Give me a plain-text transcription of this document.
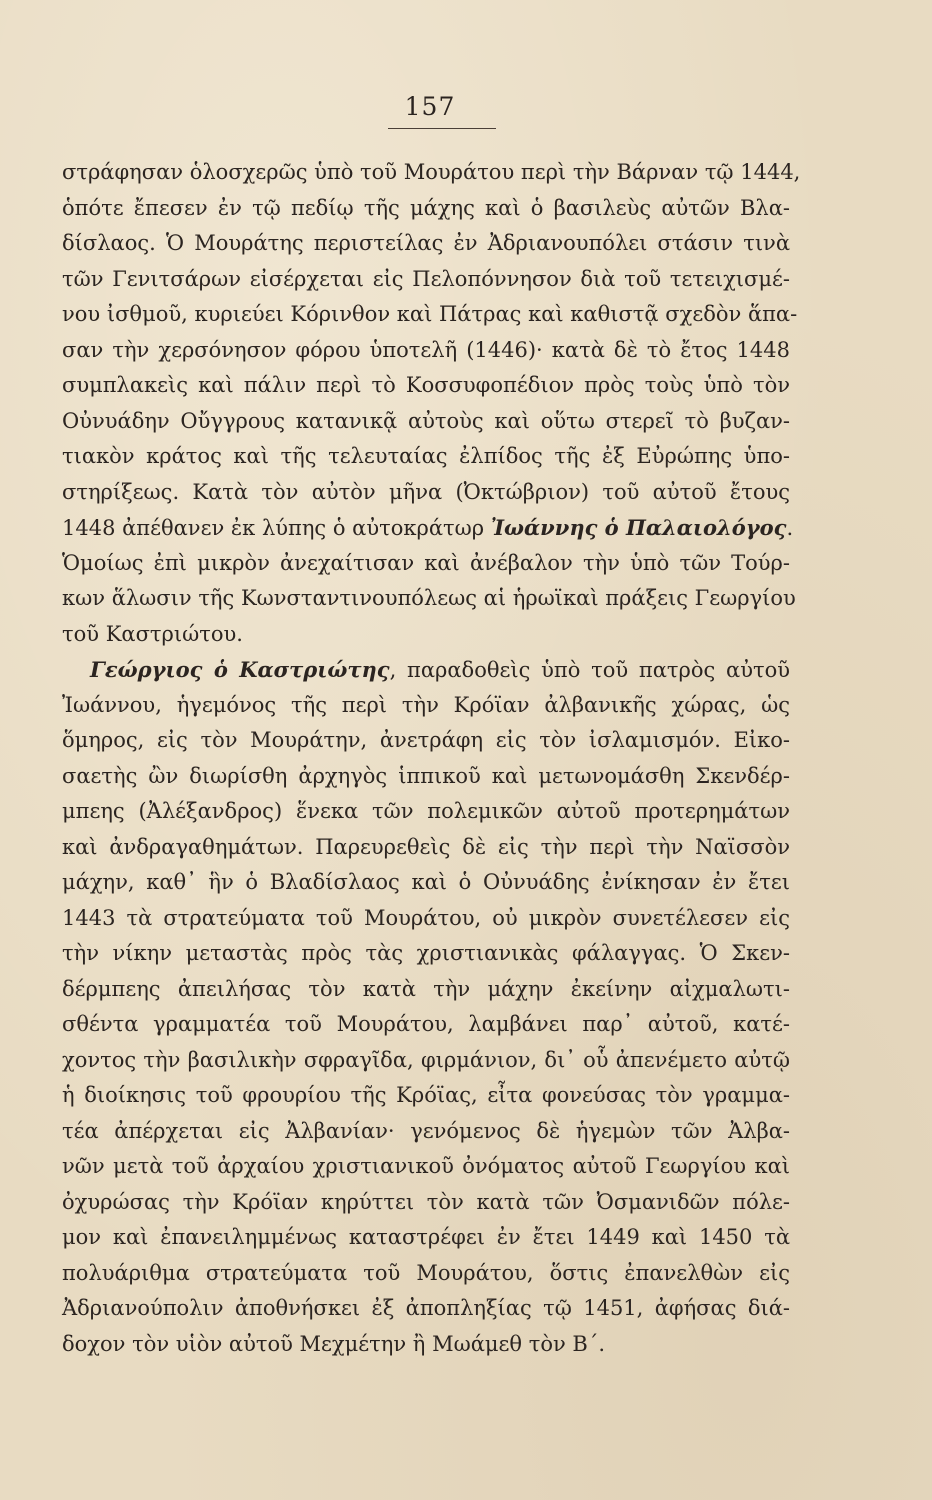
157
στράφησαν ὁλοσχερῶς ὑπὸ τοῦ Μουράτου περὶ τὴν Βάρναν τῷ 1444,
ὁπότε ἔπεσεν ἐν τῷ πεδίῳ τῆς μάχης καὶ ὁ βασιλεὺς αὐτῶν Βλα-
δίσλαος. Ὁ Μουράτης περιστείλας ἐν Ἀδριανουπόλει στάσιν τινὰ
τῶν Γενιτσάρων εἰσέρχεται εἰς Πελοπόννησον διὰ τοῦ τετειχισμέ-
νου ἰσθμοῦ, κυριεύει Κόρινθον καὶ Πάτρας καὶ καθιστᾷ σχεδὸν ἅπα-
σαν τὴν χερσόνησον φόρου ὑποτελῆ (1446)· κατὰ δὲ τὸ ἔτος 1448
συμπλακεὶς καὶ πάλιν περὶ τὸ Κοσσυφοπέδιον πρὸς τοὺς ὑπὸ τὸν
Οὐνυάδην Οὔγγρους κατανικᾷ αὐτοὺς καὶ οὕτω στερεῖ τὸ βυζαν-
τιακὸν κράτος καὶ τῆς τελευταίας ἐλπίδος τῆς ἐξ Εὐρώπης ὑπο-
στηρίξεως. Κατὰ τὸν αὐτὸν μῆνα (Ὀκτώβριον) τοῦ αὐτοῦ ἔτους
1448 ἀπέθανεν ἐκ λύπης ὁ αὐτοκράτωρ Ἰωάννης ὁ Παλαιολόγος.
Ὁμοίως ἐπὶ μικρὸν ἀνεχαίτισαν καὶ ἀνέβαλον τὴν ὑπὸ τῶν Τούρ-
κων ἅλωσιν τῆς Κωνσταντινουπόλεως αἱ ἡρωϊκαὶ πράξεις Γεωργίου
τοῦ Καστριώτου.
Γεώργιος ὁ Καστριώτης, παραδοθεὶς ὑπὸ τοῦ πατρὸς αὐτοῦ
Ἰωάννου, ἡγεμόνος τῆς περὶ τὴν Κρόϊαν ἀλβανικῆς χώρας, ὡς
ὅμηρος, εἰς τὸν Μουράτην, ἀνετράφη εἰς τὸν ἰσλαμισμόν. Εἰκο-
σαετὴς ὢν διωρίσθη ἀρχηγὸς ἱππικοῦ καὶ μετωνομάσθη Σκενδέρ-
μπεης (Ἀλέξανδρος) ἕνεκα τῶν πολεμικῶν αὐτοῦ προτερημάτων
καὶ ἀνδραγαθημάτων. Παρευρεθεὶς δὲ εἰς τὴν περὶ τὴν Ναϊσσὸν
μάχην, καθ᾽ ἣν ὁ Βλαδίσλαος καὶ ὁ Οὐνυάδης ἐνίκησαν ἐν ἔτει
1443 τὰ στρατεύματα τοῦ Μουράτου, οὐ μικρὸν συνετέλεσεν εἰς
τὴν νίκην μεταστὰς πρὸς τὰς χριστιανικὰς φάλαγγας. Ὁ Σκεν-
δέρμπεης ἀπειλήσας τὸν κατὰ τὴν μάχην ἐκείνην αἰχμαλωτι-
σθέντα γραμματέα τοῦ Μουράτου, λαμβάνει παρ᾽ αὐτοῦ, κατέ-
χοντος τὴν βασιλικὴν σφραγῖδα, φιρμάνιον, δι᾽ οὗ ἀπενέμετο αὐτῷ
ἡ διοίκησις τοῦ φρουρίου τῆς Κρόϊας, εἶτα φονεύσας τὸν γραμμα-
τέα ἀπέρχεται εἰς Ἀλβανίαν· γενόμενος δὲ ἡγεμὼν τῶν Ἀλβα-
νῶν μετὰ τοῦ ἀρχαίου χριστιανικοῦ ὀνόματος αὐτοῦ Γεωργίου καὶ
ὀχυρώσας τὴν Κρόϊαν κηρύττει τὸν κατὰ τῶν Ὀσμανιδῶν πόλε-
μον καὶ ἐπανειλημμένως καταστρέφει ἐν ἔτει 1449 καὶ 1450 τὰ
πολυάριθμα στρατεύματα τοῦ Μουράτου, ὅστις ἐπανελθὼν εἰς
Ἀδριανούπολιν ἀποθνήσκει ἐξ ἀποπληξίας τῷ 1451, ἀφήσας διά-
δοχον τὸν υἱὸν αὐτοῦ Μεχμέτην ἢ Μωάμεθ τὸν Β΄.
